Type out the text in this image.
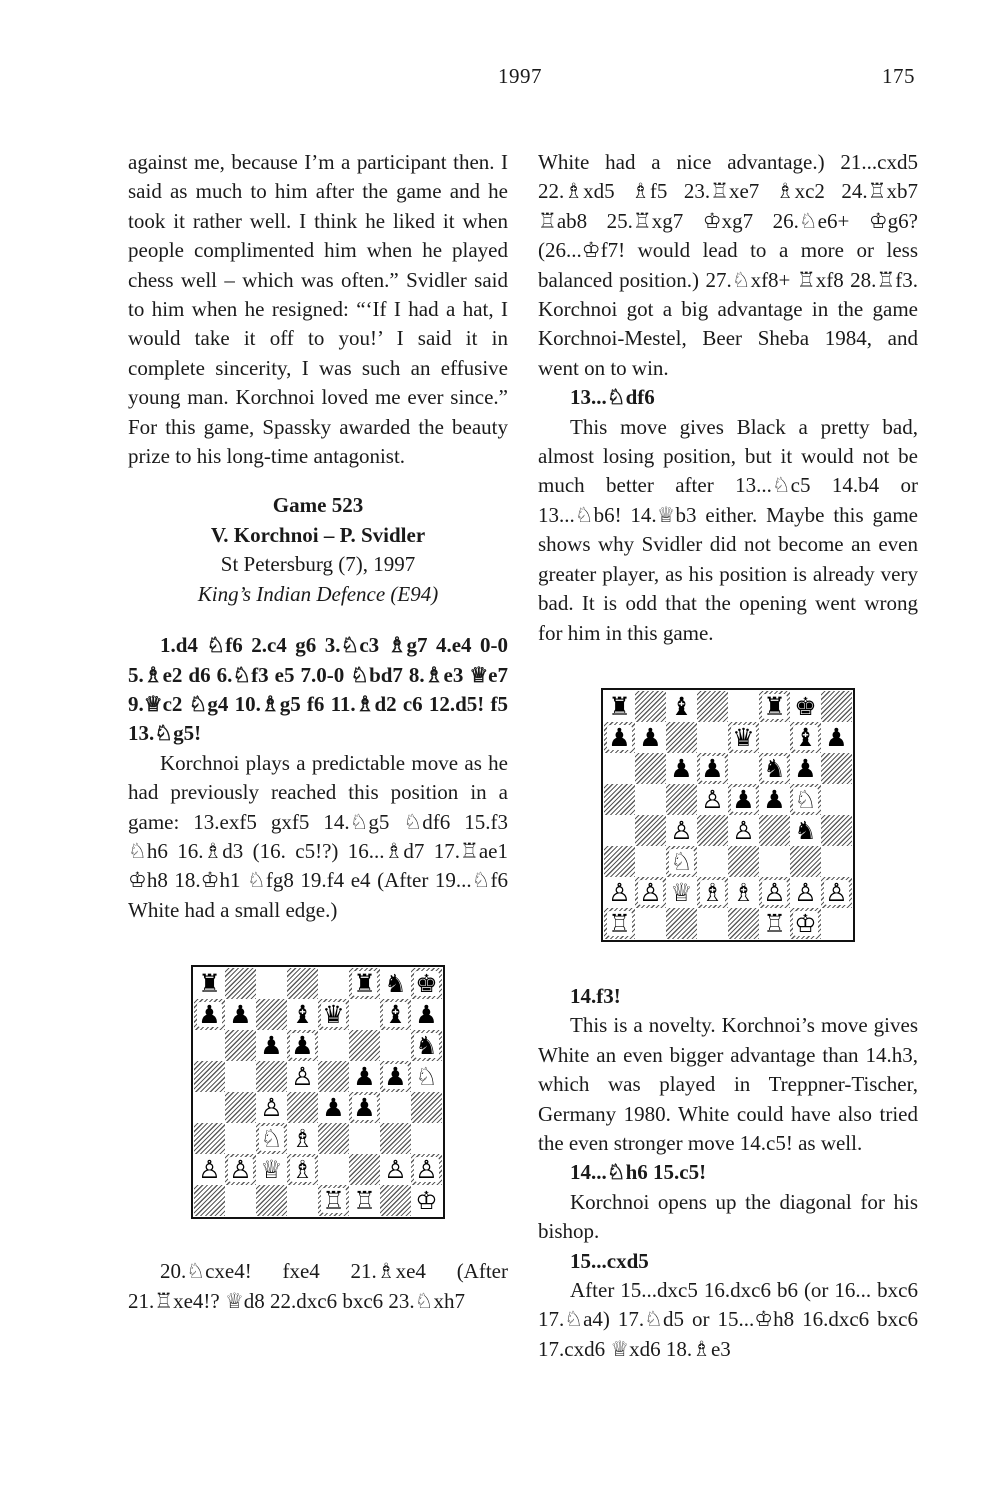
1997	175

against me, because I’m a participant then. I said as much to him after the game and he took it rather well. I think he liked it when people complimented him when he played chess well – which was often.” Svidler said to him when he resigned: “‘If I had a hat, I would take it off to you!’ I said it in complete sincerity, I was such an effusive young man. Korchnoi loved me ever since.” For this game, Spassky awarded the beauty prize to his long-time antagonist.

Game 523
V. Korchnoi – P. Svidler
St Petersburg (7), 1997
King’s Indian Defence (E94)

1.d4 ♘f6 2.c4 g6 3.♘c3 ♗g7 4.e4 0-0 5.♗e2 d6 6.♘f3 e5 7.0-0 ♘bd7 8.♗e3 ♕e7 9.♕c2 ♘g4 10.♗g5 f6 11.♗d2 c6 12.d5! f5 13.♘g5!

Korchnoi plays a predictable move as he had previously reached this position in a game: 13.exf5 gxf5 14.♘g5 ♘df6 15.f3 ♘h6 16.♗d3 (16. c5!?) 16...♗d7 17.♖ae1 ♔h8 18.♔h1 ♘fg8 19.f4 e4 (After 19...♘f6 White had a small edge.)

♜	♜ ♞ ♚
♟ ♟ ♝ ♛ ♝ ♟
♟ ♟	♞
♙ ♟ ♟ ♘
♙ ♟ ♟
♘ ♗
♙ ♙ ♕ ♗	♙ ♙
♖ ♖ ♔

20.♘cxe4! fxe4 21.♗xe4 (After 21.♖xe4!? ♕d8 22.dxc6 bxc6 23.♘xh7

White had a nice advantage.) 21...cxd5 22.♗xd5 ♗f5 23.♖xe7 ♗xc2 24.♖xb7 ♖ab8 25.♖xg7 ♔xg7 26.♘e6+ ♔g6? (26...♔f7! would lead to a more or less balanced position.) 27.♘xf8+ ♖xf8 28.♖f3. Korchnoi got a big advantage in the game Korchnoi-Mestel, Beer Sheba 1984, and went on to win.

13...♘df6

This move gives Black a pretty bad, almost losing position, but it would not be much better after 13...♘c5 14.b4 or 13...♘b6! 14.♕b3 either. Maybe this game shows why Svidler did not become an even greater player, as his position is already very bad. It is odd that the opening went wrong for him in this game.

♜ ♝	♜ ♚
♟ ♟	♛ ♝ ♟
♟ ♟ ♞ ♟
♙ ♟ ♟ ♘
♙ ♙ ♞
♘
♙ ♙ ♕ ♗ ♗ ♙ ♙ ♙
♖	♖ ♔

14.f3!

This is a novelty. Korchnoi’s move gives White an even bigger advantage than 14.h3, which was played in Treppner-Tischer, Germany 1980. White could have also tried the even stronger move 14.c5! as well.

14...♘h6 15.c5!

Korchnoi opens up the diagonal for his bishop.

15...cxd5

After 15...dxc5 16.dxc6 b6 (or 16... bxc6 17.♘a4) 17.♘d5 or 15...♔h8 16.dxc6 bxc6 17.cxd6 ♕xd6 18.♗e3
